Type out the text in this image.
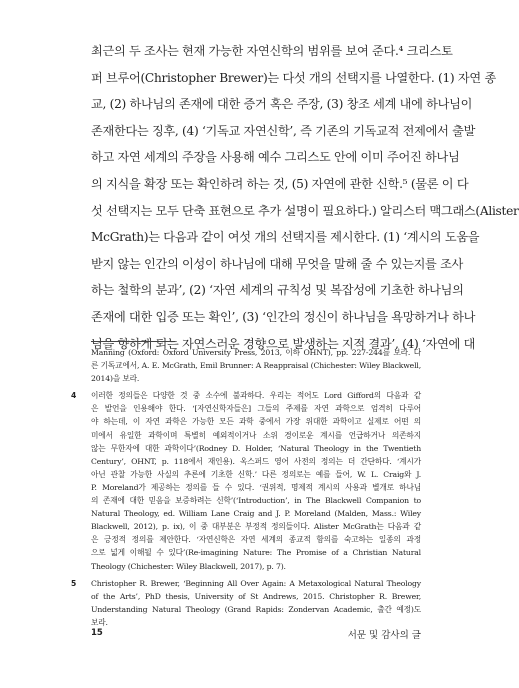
최근의 두 조사는 현재 가능한 자연신학의 범위를 보여 준다.⁴ 크리스토
퍼 브루어(Christopher Brewer)는 다섯 개의 선택지를 나열한다. (1) 자연 종
교, (2) 하나님의 존재에 대한 증거 혹은 주장, (3) 창조 세계 내에 하나님이
존재한다는 징후, (4) ‘기독교 자연신학’, 즉 기존의 기독교적 전제에서 출발
하고 자연 세계의 주장을 사용해 예수 그리스도 안에 이미 주어진 하나님
의 지식을 확장 또는 확인하려 하는 것, (5) 자연에 관한 신학.⁵ (물론 이 다
섯 선택지는 모두 단축 표현으로 추가 설명이 필요하다.) 알리스터 맥그래스(Alister
McGrath)는 다음과 같이 여섯 개의 선택지를 제시한다. (1) ‘계시의 도움을
받지 않는 인간의 이성이 하나님에 대해 무엇을 말해 줄 수 있는지를 조사
하는 철학의 분과’, (2) ‘자연 세계의 규칙성 및 복잡성에 기초한 하나님의
존재에 대한 입증 또는 확인’, (3) ‘인간의 정신이 하나님을 욕망하거나 하나
님을 향하게 되는 자연스러운 경향으로 발생하는 지적 결과’, (4) ‘자연에 대
Manning (Oxford: Oxford University Press, 2013, 이하 OHNT), pp. 227-244를 보라. 다
른 기독교에서, A. E. McGrath, Emil Brunner: A Reappraisal (Chichester: Wiley Blackwell,
2014)을 보라.
4 이러한 정의들은 다양한 것 중 소수에 불과하다. 우리는 적어도 Lord Gifford의 다음과 같
은 발언을 인용해야 한다. ‘[자연신학자들은] 그들의 주제를 자연 과학으로 엄격히 다루어
야 하는데, 이 자연 과학은 가능한 모든 과학 중에서 가장 위대한 과학이고 실제로 어떤 의
미에서 유일한 과학이며 특별히 예외적이거나 소위 경이로운 계시를 언급하거나 의존하지
않는 무한자에 대한 과학이다’(Rodney D. Holder, ‘Natural Theology in the Twentieth
Century’, OHNT, p. 118에서 재인용). 옥스퍼드 영어 사전의 정의는 더 간단하다. ‘계시가
아닌 관찰 가능한 사실의 추론에 기초한 신학.’ 다른 정의로는 예를 들어, W. L. Craig와 J.
P. Moreland가 제공하는 정의를 들 수 있다. ‘권위적, 명제적 계시의 사용과 별개로 하나님
의 존재에 대한 믿음을 보증하려는 신학’(‘Introduction’, in The Blackwell Companion to
Natural Theology, ed. William Lane Craig and J. P. Moreland (Malden, Mass.: Wiley
Blackwell, 2012), p. ix), 이 중 대부분은 부정적 정의들이다. Alister McGrath는 다음과 같
은 긍정적 정의를 제안한다. ‘자연신학은 자연 세계의 종교적 함의를 숙고하는 일종의 과정
으로 넓게 이해될 수 있다’(Re-imagining Nature: The Promise of a Christian Natural
Theology (Chichester: Wiley Blackwell, 2017), p. 7).
5 Christopher R. Brewer, ‘Beginning All Over Again: A Metaxological Natural Theology
of the Arts’, PhD thesis, University of St Andrews, 2015. Christopher R. Brewer,
Understanding Natural Theology (Grand Rapids: Zondervan Academic, 출간 예정)도
보라.
15	서문 및 감사의 글
